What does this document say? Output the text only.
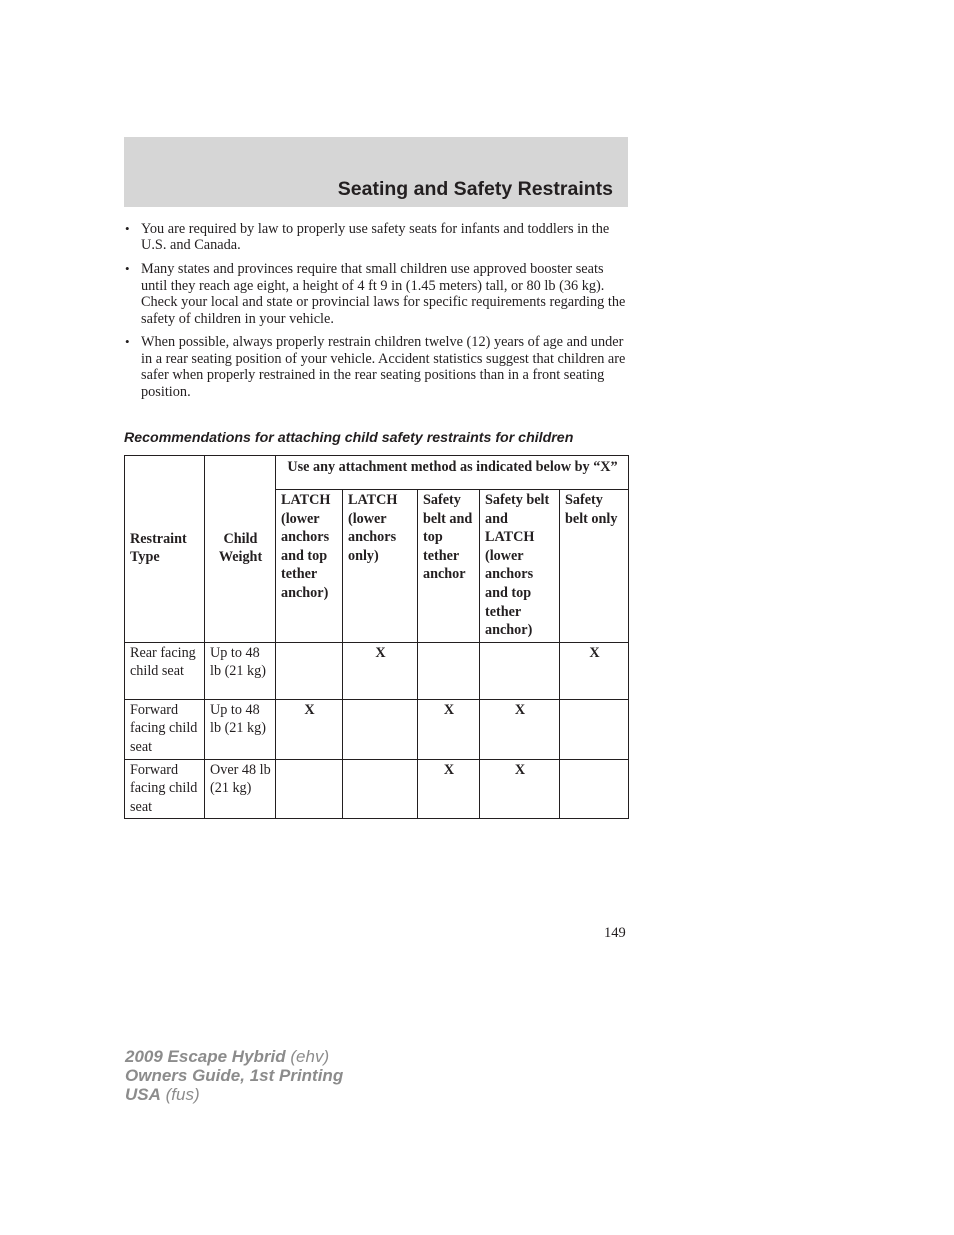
Seating and Safety Restraints
• You are required by law to properly use safety seats for infants and toddlers in the U.S. and Canada.
• Many states and provinces require that small children use approved booster seats until they reach age eight, a height of 4 ft 9 in (1.45 meters) tall, or 80 lb (36 kg). Check your local and state or provincial laws for specific requirements regarding the safety of children in your vehicle.
• When possible, always properly restrain children twelve (12) years of age and under in a rear seating position of your vehicle. Accident statistics suggest that children are safer when properly restrained in the rear seating positions than in a front seating position.
Recommendations for attaching child safety restraints for children
Restraint Type	Child Weight	Use any attachment method as indicated below by “X”				
		LATCH (lower anchors and top tether anchor)	LATCH (lower anchors only)	Safety belt and top tether anchor	Safety belt and LATCH (lower anchors and top tether anchor)	Safety belt only
Rear facing child seat	Up to 48 lb (21 kg)		X			X
Forward facing child seat	Up to 48 lb (21 kg)	X		X	X	
Forward facing child seat	Over 48 lb (21 kg)			X	X	
149
2009 Escape Hybrid (ehv)
Owners Guide, 1st Printing
USA (fus)
